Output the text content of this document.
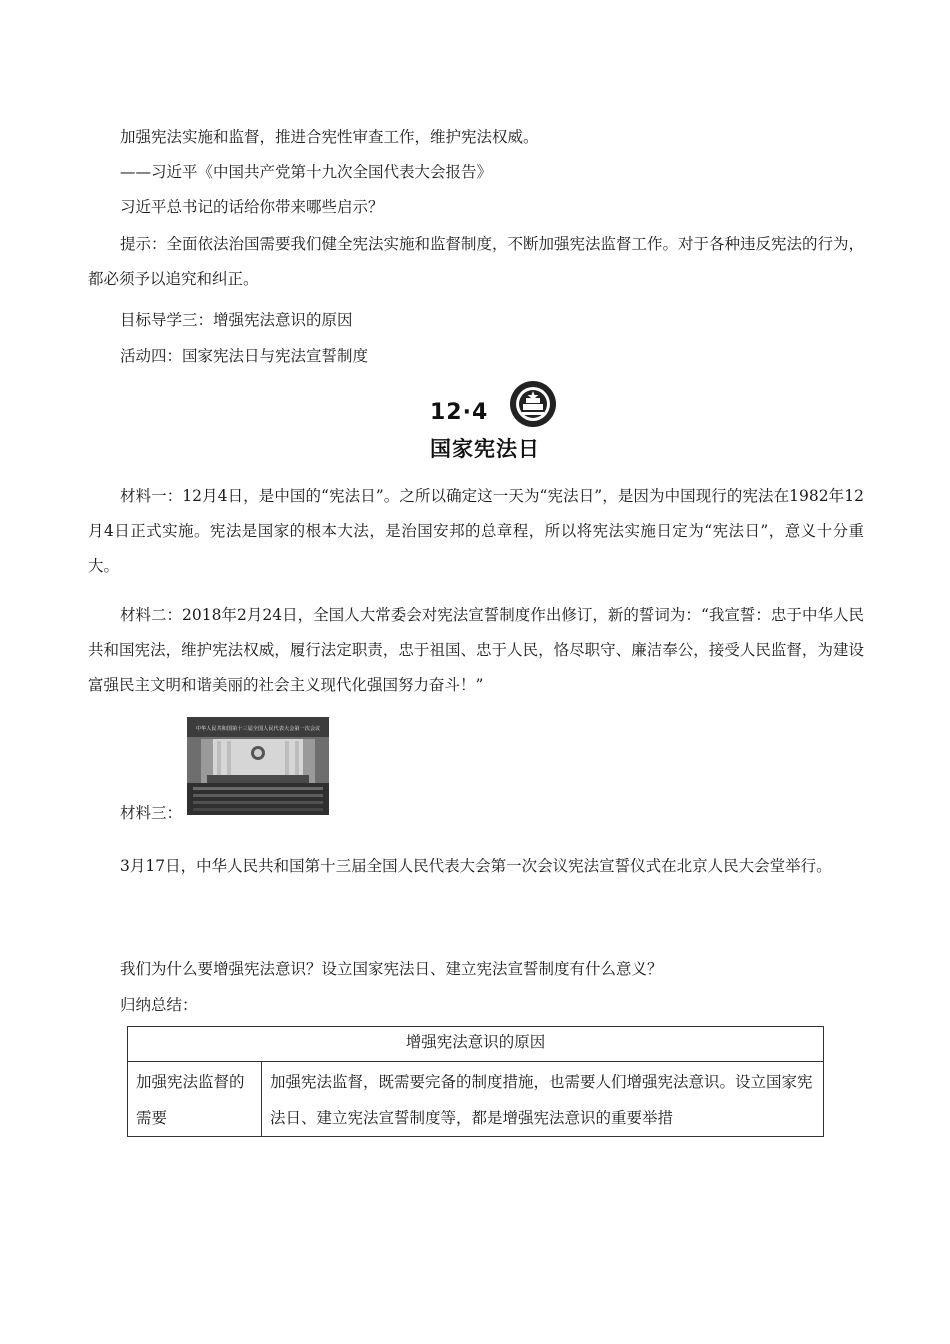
加强宪法实施和监督，推进合宪性审查工作，维护宪法权威。
——习近平《中国共产党第十九次全国代表大会报告》
习近平总书记的话给你带来哪些启示？

提示：全面依法治国需要我们健全宪法实施和监督制度，不断加强宪法监督工作。对于各种违反宪法的行为，都必须予以追究和纠正。

目标导学三：增强宪法意识的原因
活动四：国家宪法日与宪法宣誓制度
12·4
国家宪法日

材料一：12月4日，是中国的“宪法日”。之所以确定这一天为“宪法日”，是因为中国现行的宪法在1982年12月4日正式实施。宪法是国家的根本大法，是治国安邦的总章程，所以将宪法实施日定为“宪法日”，意义十分重大。

材料二：2018年2月24日，全国人大常委会对宪法宣誓制度作出修订，新的誓词为：“我宣誓：忠于中华人民共和国宪法，维护宪法权威，履行法定职责，忠于祖国、忠于人民，恪尽职守、廉洁奉公，接受人民监督，为建设富强民主文明和谐美丽的社会主义现代化强国努力奋斗！”

材料三：
中华人民共和国第十三届全国人民代表大会第一次会议

3月17日，中华人民共和国第十三届全国人民代表大会第一次会议宪法宣誓仪式在北京人民大会堂举行。

我们为什么要增强宪法意识？设立国家宪法日、建立宪法宣誓制度有什么意义？
归纳总结：
增强宪法意识的原因
加强宪法监督的需要	加强宪法监督，既需要完备的制度措施，也需要人们增强宪法意识。设立国家宪法日、建立宪法宣誓制度等，都是增强宪法意识的重要举措
